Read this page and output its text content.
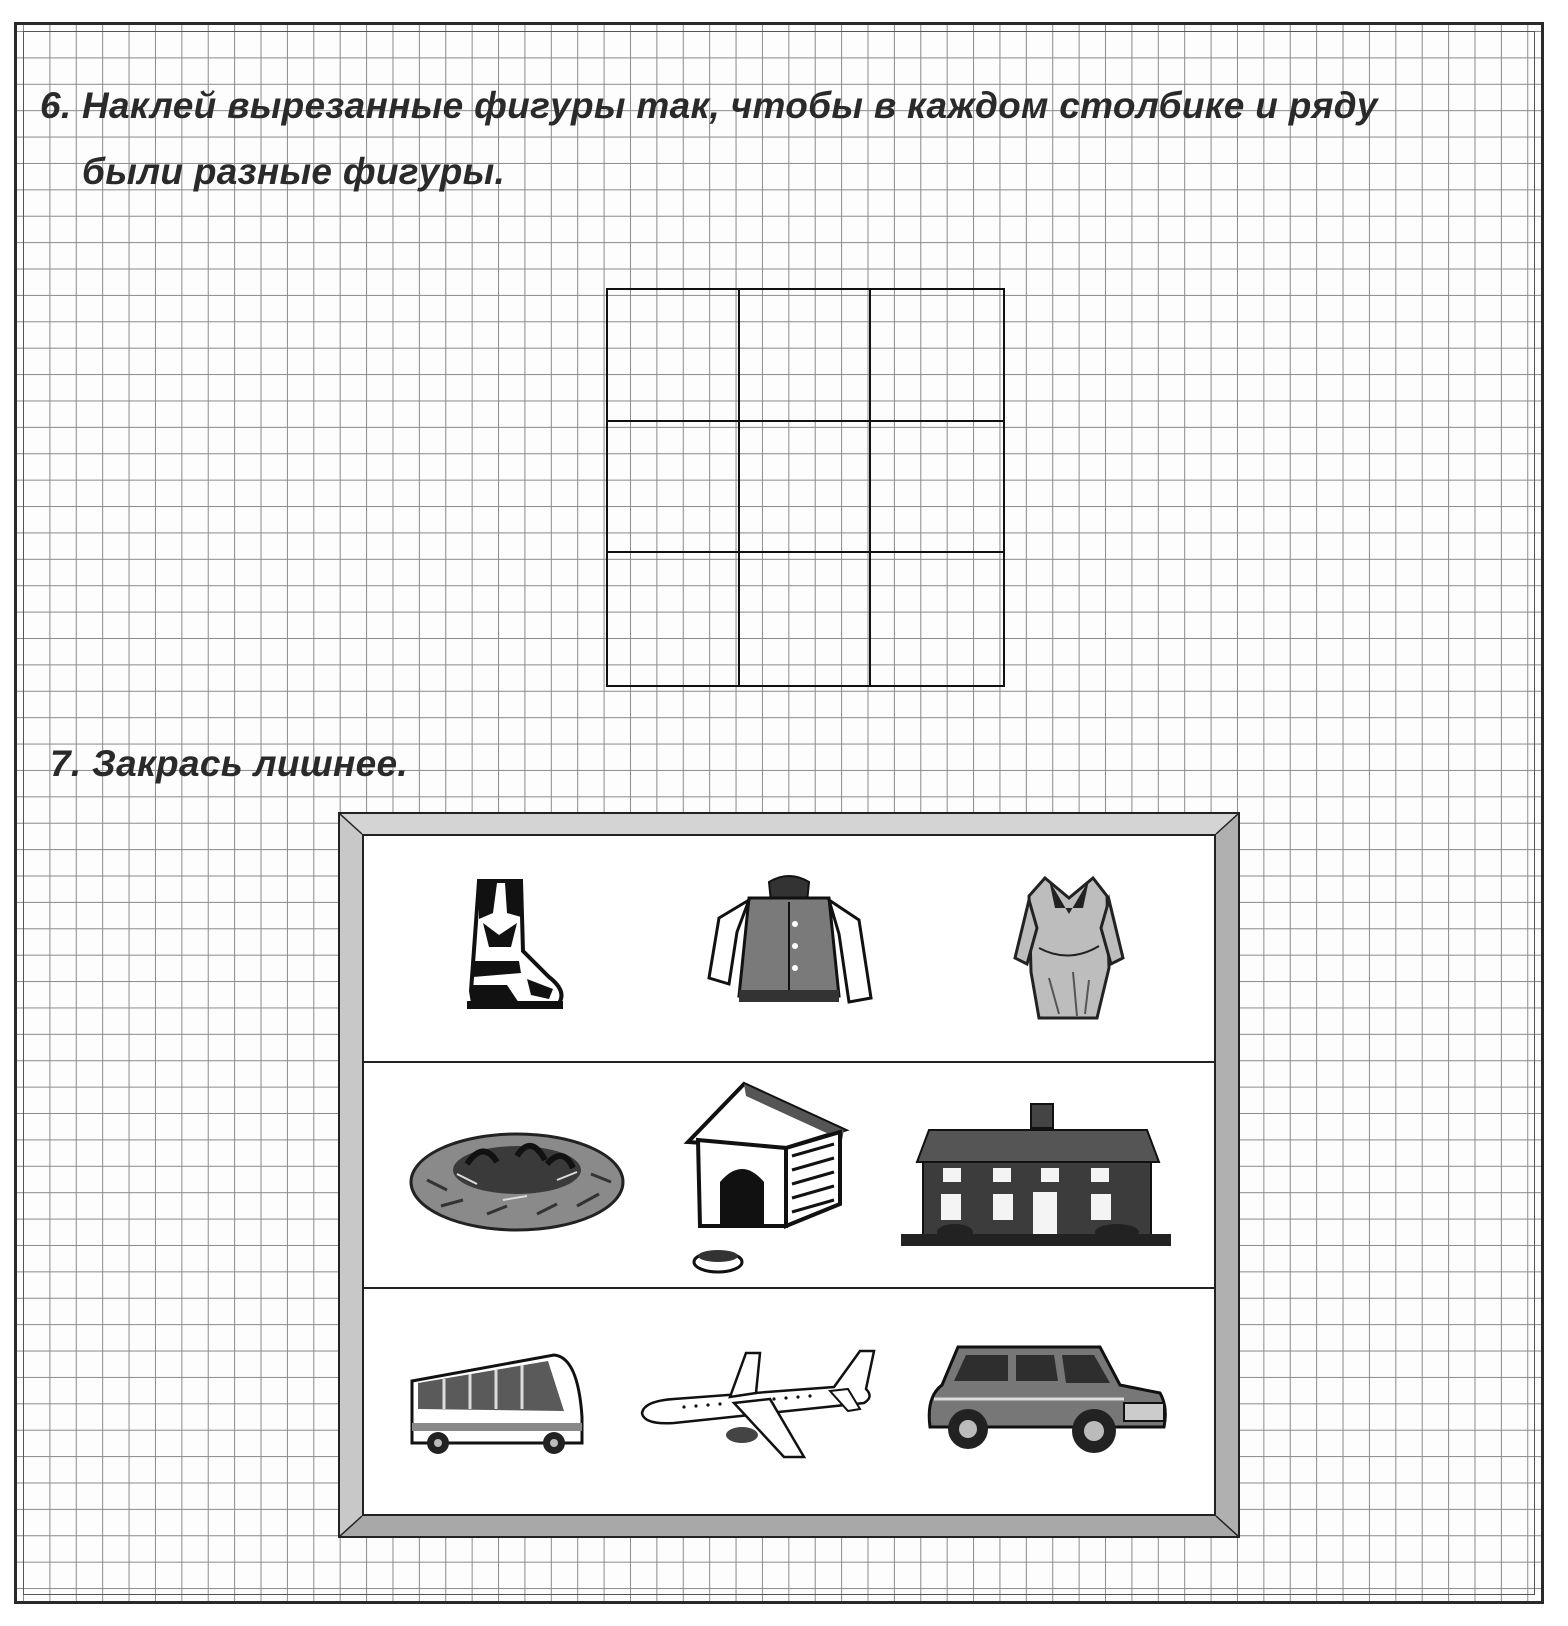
6. Наклей вырезанные фигуры так, чтобы в каждом столбике и ряду

были разные фигуры.

7. Закрась лишнее.
